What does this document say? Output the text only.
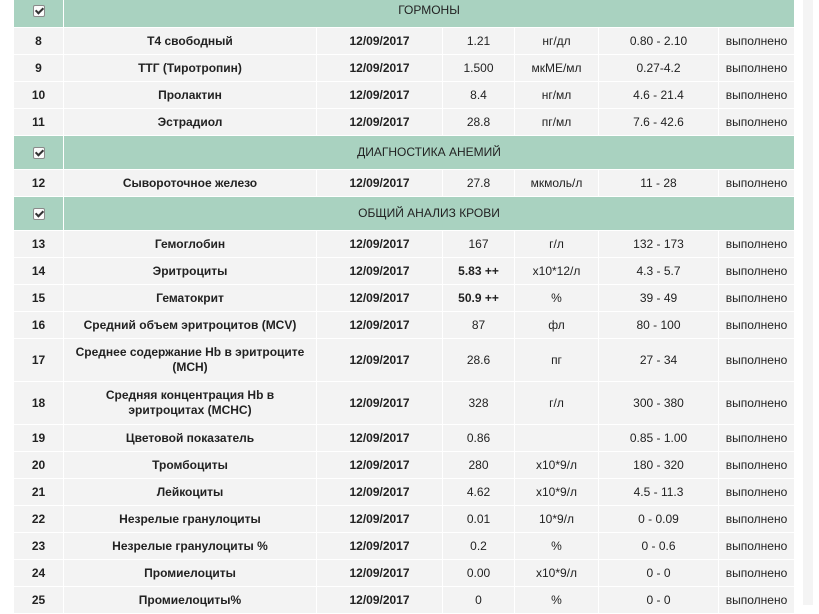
	ГОРМОНЫ					
8	Т4 свободный	12/09/2017	1.21	нг/дл	0.80 - 2.10	выполнено
9	ТТГ (Тиротропин)	12/09/2017	1.500	мкМЕ/мл	0.27-4.2	выполнено
10	Пролактин	12/09/2017	8.4	нг/мл	4.6 - 21.4	выполнено
11	Эстрадиол	12/09/2017	28.8	пг/мл	7.6 - 42.6	выполнено
	ДИАГНОСТИКА АНЕМИЙ					
12	Сывороточное железо	12/09/2017	27.8	мкмоль/л	11 - 28	выполнено
	ОБЩИЙ АНАЛИЗ КРОВИ					
13	Гемоглобин	12/09/2017	167	г/л	132 - 173	выполнено
14	Эритроциты	12/09/2017	5.83 ++	x10*12/л	4.3 - 5.7	выполнено
15	Гематокрит	12/09/2017	50.9 ++	%	39 - 49	выполнено
16	Средний объем эритроцитов (MCV)	12/09/2017	87	фл	80 - 100	выполнено
17	Среднее содержание Hb в эритроците (MCH)	12/09/2017	28.6	пг	27 - 34	выполнено
18	Средняя концентрация Hb в эритроцитах (MCHC)	12/09/2017	328	г/л	300 - 380	выполнено
19	Цветовой показатель	12/09/2017	0.86		0.85 - 1.00	выполнено
20	Тромбоциты	12/09/2017	280	x10*9/л	180 - 320	выполнено
21	Лейкоциты	12/09/2017	4.62	x10*9/л	4.5 - 11.3	выполнено
22	Незрелые гранулоциты	12/09/2017	0.01	10*9/л	0 - 0.09	выполнено
23	Незрелые гранулоциты %	12/09/2017	0.2	%	0 - 0.6	выполнено
24	Промиелоциты	12/09/2017	0.00	x10*9/л	0 - 0	выполнено
25	Промиелоциты%	12/09/2017	0	%	0 - 0	выполнено
